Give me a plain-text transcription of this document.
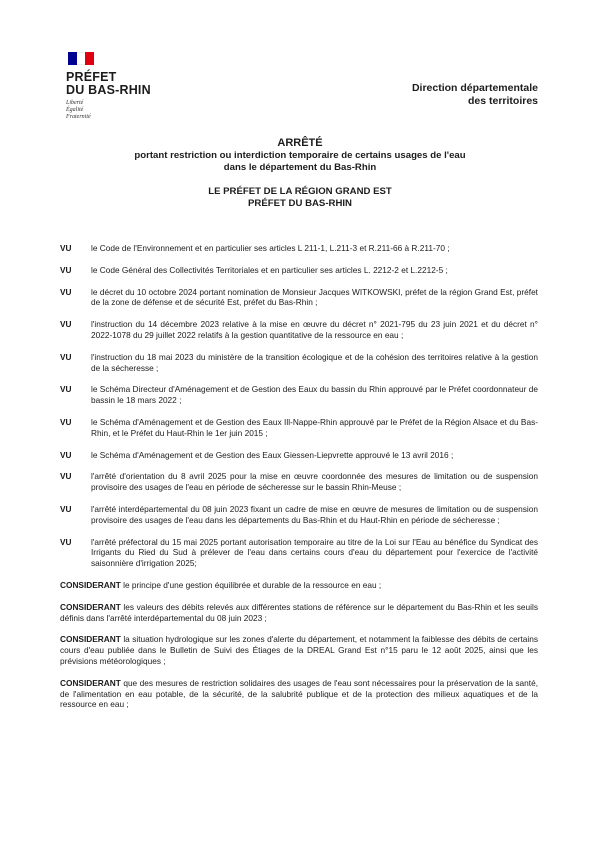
PRÉFET
DU BAS-RHIN
Liberté
Égalité
Fraternité
Direction départementale
des territoires
ARRÊTÉ
portant restriction ou interdiction temporaire de certains usages de l'eau
dans le département du Bas-Rhin
LE PRÉFET DE LA RÉGION GRAND EST
PRÉFET DU BAS-RHIN
VU le Code de l'Environnement et en particulier ses articles L 211-1, L.211-3 et R.211-66 à R.211-70 ;
VU le Code Général des Collectivités Territoriales et en particulier ses articles L. 2212-2 et L.2212-5 ;
VU le décret du 10 octobre 2024 portant nomination de Monsieur Jacques WITKOWSKI, préfet de la région Grand Est, préfet de la zone de défense et de sécurité Est, préfet du Bas-Rhin ;
VU l'instruction du 14 décembre 2023 relative à la mise en œuvre du décret n° 2021-795 du 23 juin 2021 et du décret n° 2022-1078 du 29 juillet 2022 relatifs à la gestion quantitative de la ressource en eau ;
VU l'instruction du 18 mai 2023 du ministère de la transition écologique et de la cohésion des territoires relative à la gestion de la sécheresse ;
VU le Schéma Directeur d'Aménagement et de Gestion des Eaux du bassin du Rhin approuvé par le Préfet coordonnateur de bassin le 18 mars 2022 ;
VU le Schéma d'Aménagement et de Gestion des Eaux Ill-Nappe-Rhin approuvé par le Préfet de la Région Alsace et du Bas-Rhin, et le Préfet du Haut-Rhin le 1er juin 2015 ;
VU le Schéma d'Aménagement et de Gestion des Eaux Giessen-Liepvrette approuvé le 13 avril 2016 ;
VU l'arrêté d'orientation du 8 avril 2025 pour la mise en œuvre coordonnée des mesures de limitation ou de suspension provisoire des usages de l'eau en période de sécheresse sur le bassin Rhin-Meuse ;
VU l'arrêté interdépartemental du 08 juin 2023 fixant un cadre de mise en œuvre de mesures de limitation ou de suspension provisoire des usages de l'eau dans les départements du Bas-Rhin et du Haut-Rhin en période de sécheresse ;
VU l'arrêté préfectoral du 15 mai 2025 portant autorisation temporaire au titre de la Loi sur l'Eau au bénéfice du Syndicat des Irrigants du Ried du Sud à prélever de l'eau dans certains cours d'eau du département pour l'exercice de l'activité saisonnière d'irrigation 2025;
CONSIDERANT le principe d'une gestion équilibrée et durable de la ressource en eau ;
CONSIDERANT les valeurs des débits relevés aux différentes stations de référence sur le département du Bas-Rhin et les seuils définis dans l'arrêté interdépartemental du 08 juin 2023 ;
CONSIDERANT la situation hydrologique sur les zones d'alerte du département, et notamment la faiblesse des débits de certains cours d'eau publiée dans le Bulletin de Suivi des Étiages de la DREAL Grand Est n°15 paru le 12 août 2025, ainsi que les prévisions météorologiques ;
CONSIDERANT que des mesures de restriction solidaires des usages de l'eau sont nécessaires pour la préservation de la santé, de l'alimentation en eau potable, de la sécurité, de la salubrité publique et de la protection des milieux aquatiques et de la ressource en eau ;
